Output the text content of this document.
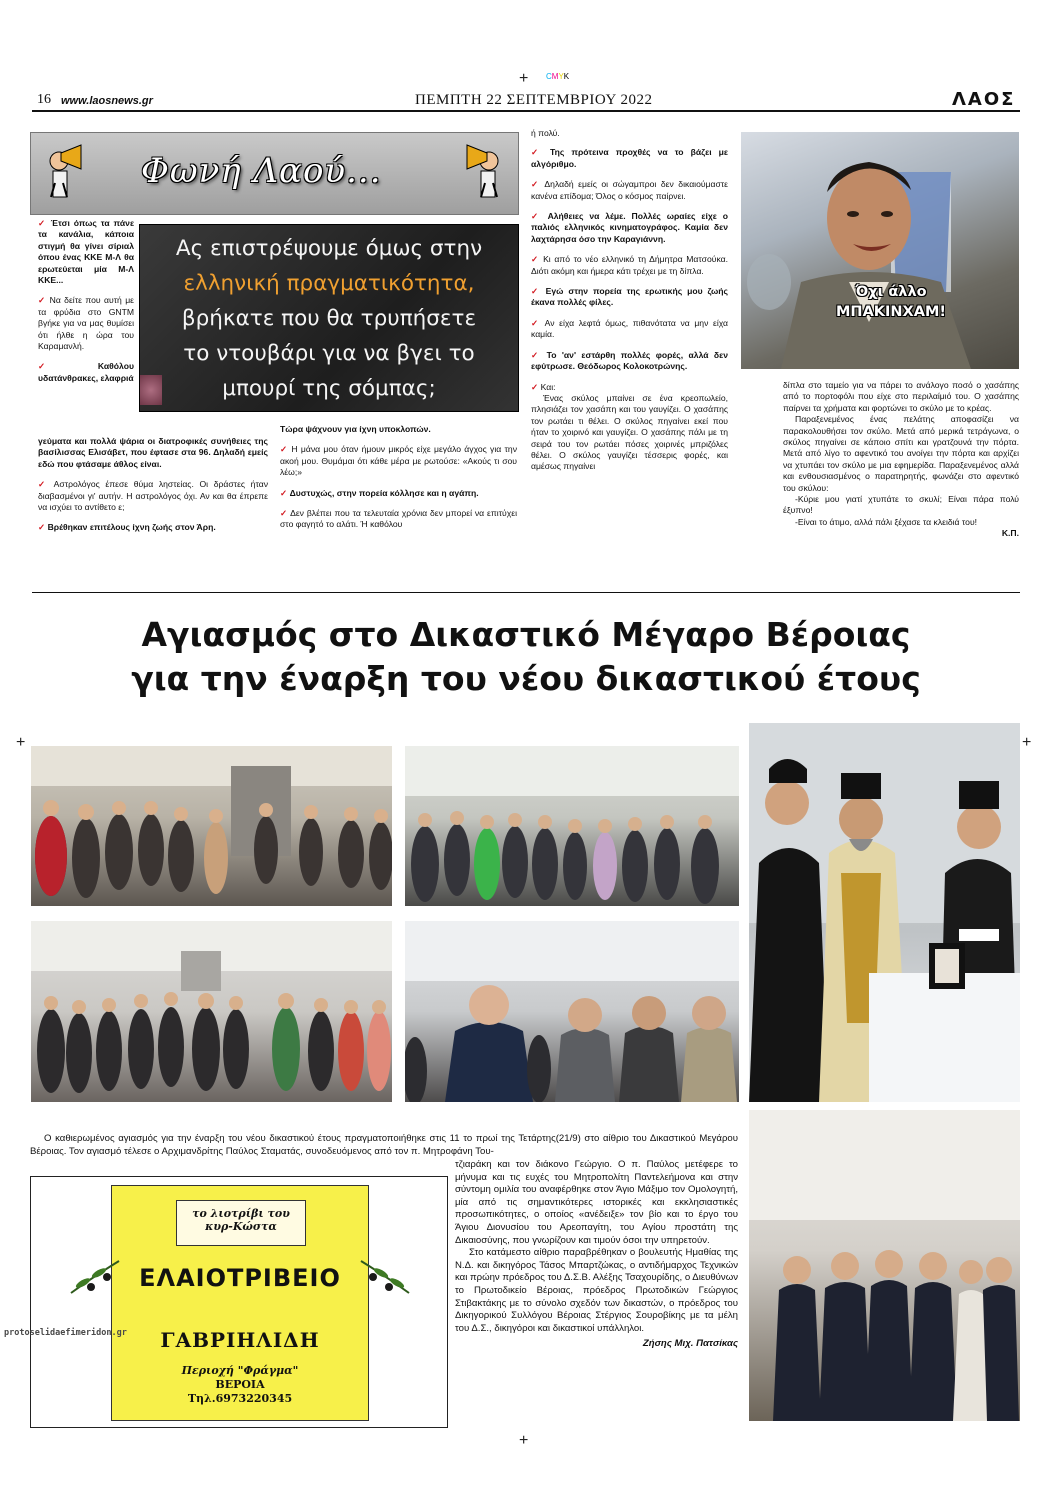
+ CMYK
16 www.laosnews.gr	ΠΕΜΠΤΗ 22 ΣΕΠΤΕΜΒΡΙΟΥ 2022	ΛΑΟΣ
Φωνή Λαού...
Ας επιστρέψουμε όμως στην
ελληνική πραγματικότητα,
βρήκατε που θα τρυπήσετε
το ντουβάρι για να βγει το
μπουρί της σόμπας;

✓ Έτσι όπως τα πάνε τα κανάλια, κάποια στιγμή θα γίνει σίριαλ όπου ένας ΚΚΕ Μ-Λ θα ερωτεύεται μία Μ-Λ ΚΚΕ...

✓ Να δείτε που αυτή με τα φρύδια στο GNTM βγήκε για να μας θυμίσει ότι ήλθε η ώρα του Καραμανλή.

✓	Καθόλου υδατάνθρακες, ελαφριά

γεύματα και πολλά ψάρια οι διατροφικές συνήθειες της βασίλισσας Ελισάβετ, που έφτασε στα 96. Δηλαδή εμείς εδώ που φτάσαμε άθλος είναι.

✓ Αστρολόγος έπεσε θύμα ληστείας. Οι δράστες ήταν διαβασμένοι γι' αυτήν. Η αστρολόγος όχι. Αν και θα έπρεπε να ισχύει το αντίθετο ε;

✓ Βρέθηκαν επιτέλους ίχνη ζωής στον Άρη.

Τώρα ψάχνουν για ίχνη υποκλοπών.

✓ Η μάνα μου όταν ήμουν μικρός είχε μεγάλο άγχος για την ακοή μου. Θυμάμαι ότι κάθε μέρα με ρωτούσε: «Ακούς τι σου λέω;»

✓ Δυστυχώς, στην πορεία κόλλησε και η αγάπη.

✓ Δεν βλέπει που τα τελευταία χρόνια δεν μπορεί να επιτύχει στο φαγητό το αλάτι. Ή καθόλου

ή πολύ.

✓ Της πρότεινα προχθές να το βάζει με αλγόριθμο.

✓ Δηλαδή εμείς οι σώγαμπροι δεν δικαιούμαστε κανένα επίδομα; Όλος ο κόσμος παίρνει.

✓ Αλήθειες να λέμε. Πολλές ωραίες είχε ο παλιός ελληνικός κινηματογράφος. Καμία δεν λαχτάρησα όσο την Καραγιάννη.

✓ Κι από το νέο ελληνικό τη Δήμητρα Ματσούκα. Διότι ακόμη και ήμερα κάτι τρέχει με τη δίπλα.

✓ Εγώ στην πορεία της ερωτικής μου ζωής έκανα πολλές φίλες.

✓ Αν είχα λεφτά όμως, πιθανότατα να μην είχα καμία.

✓ Το 'αν' εστάρθη πολλές φορές, αλλά δεν εφύτρωσε. Θεόδωρος Κολοκοτρώνης.

✓ Και:

Ένας σκύλος μπαίνει σε ένα κρεοπωλείο, πλησιάζει τον χασάπη και του γαυγίζει. Ο χασάπης τον ρωτάει τι θέλει. Ο σκύλος πηγαίνει εκεί που ήταν το χοιρινό και γαυγίζει. Ο χασάπης πάλι με τη σειρά του τον ρωτάει πόσες χοιρινές μπριζόλες θέλει. Ο σκύλος γαυγίζει τέσσερις φορές, και αμέσως πηγαίνει

Όχι άλλο
ΜΠΑΚΙΝΧΑΜ!

δίπλα στο ταμείο για να πάρει το ανάλογο ποσό ο χασάπης από το πορτοφόλι που είχε στο περιλαίμιό του. Ο χασάπης παίρνει τα χρήματα και φορτώνει το σκύλο με το κρέας.

Παραξενεμένος ένας πελάτης αποφασίζει να παρακολουθήσει τον σκύλο. Μετά από μερικά τετράγωνα, ο σκύλος πηγαίνει σε κάποιο σπίτι και γρατζουνά την πόρτα. Μετά από λίγο το αφεντικό του ανοίγει την πόρτα και αρχίζει να χτυπάει τον σκύλο με μια εφημερίδα. Παραξενεμένος αλλά και ενθουσιασμένος ο παρατηρητής, φωνάζει στο αφεντικό του σκύλου:

-Κύριε μου γιατί χτυπάτε το σκυλί; Είναι πάρα πολύ έξυπνο!

-Είναι το άτιμο, αλλά πάλι ξέχασε τα κλειδιά του!

Κ.Π.

Αγιασμός στο Δικαστικό Μέγαρο Βέροιας
για την έναρξη του νέου δικαστικού έτους
+	+

Ο καθιερωμένος αγιασμός για την έναρξη του νέου δικαστικού έτους πραγματοποιήθηκε στις 11 το πρωί της Τετάρτης(21/9) στο αίθριο του Δικαστικού Μεγάρου Βέροιας. Τον αγιασμό τέλεσε ο Αρχιμανδρίτης Παύλος Σταματάς, συνοδευόμενος από τον π. Μητροφάνη Του-

τζιαράκη και τον διάκονο Γεώργιο. Ο π. Παύλος μετέφερε το μήνυμα και τις ευχές του Μητροπολίτη Παντελεήμονα και στην σύντομη ομιλία του αναφέρθηκε στον Άγιο Μάξιμο τον Ομολογητή, μία από τις σημαντικότερες ιστορικές και εκκλησιαστικές προσωπικότητες, ο οποίος «ανέδειξε» τον βίο και το έργο του Άγιου Διονυσίου του Αρεοπαγίτη, του Αγίου προστάτη της Δικαιοσύνης, που γνωρίζουν και τιμούν όσοι την υπηρετούν.

Στο κατάμεστο αίθριο παραβρέθηκαν ο βουλευτής Ημαθίας της Ν.Δ. και δικηγόρος Τάσος Μπαρτζώκας, ο αντιδήμαρχος Τεχνικών και πρώην πρόεδρος του Δ.Σ.Β. Αλέξης Τσαχουρίδης, ο Διευθύνων το Πρωτοδικείο Βέροιας, πρόεδρος Πρωτοδικών Γεώργιος Στιβακτάκης με το σύνολο σχεδόν των δικαστών, ο πρόεδρος του Δικηγορικού Συλλόγου Βέροιας Στέργιος Σουροβίκης με τα μέλη του Δ.Σ., δικηγόροι και δικαστικοί υπάλληλοι.

Ζήσης Μιχ. Πατσίκας

το λιοτρίβι του
κυρ-Κώστα
ΕΛΑΙΟΤΡΙΒΕΙΟ
ΓΑΒΡΙΗΛΙΔΗ
Περιοχή "Φράγμα"
ΒΕΡΟΙΑ
Τηλ.6973220345
protoselidaefimeridon.gr
+
